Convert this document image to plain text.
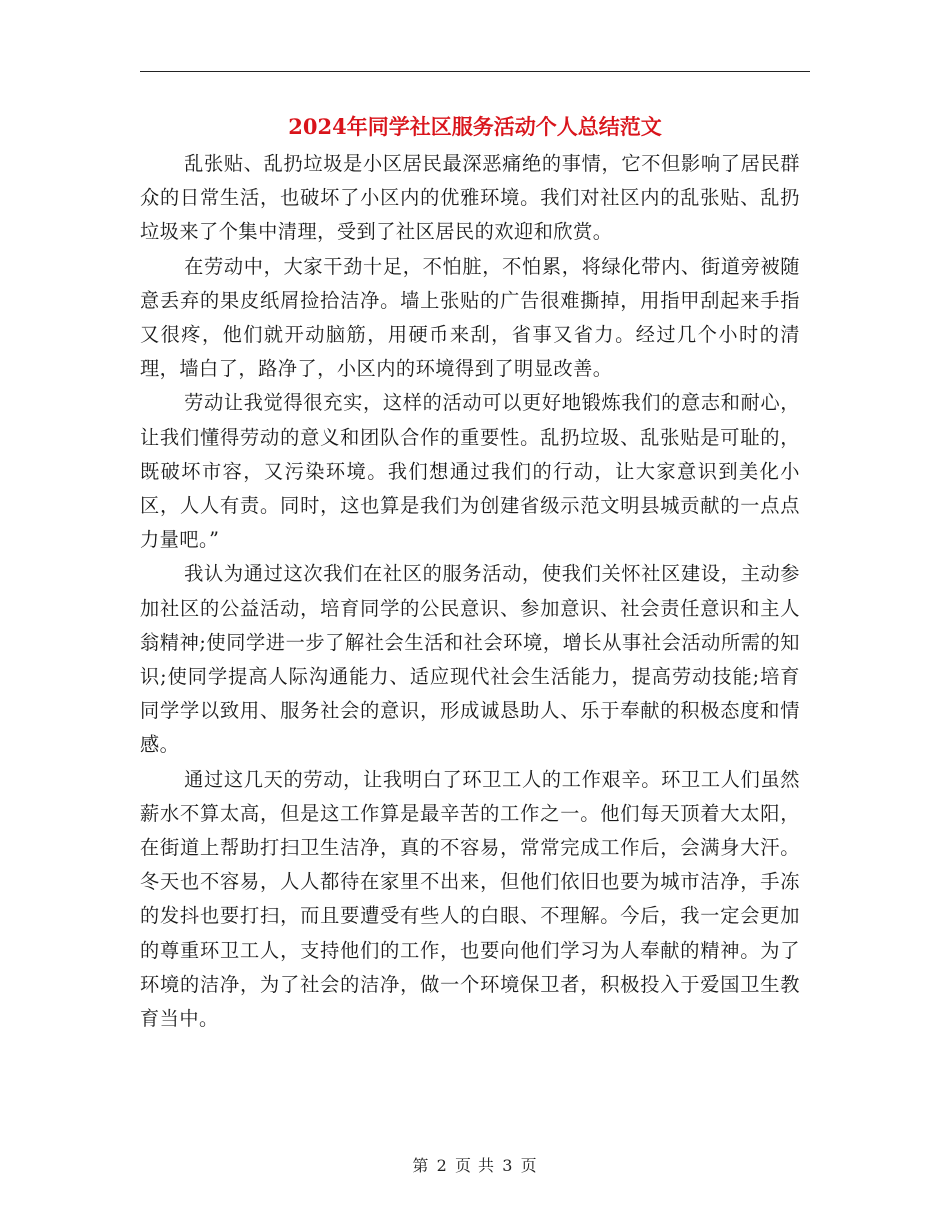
2024年同学社区服务活动个人总结范文

乱张贴、乱扔垃圾是小区居民最深恶痛绝的事情，它不但影响了居民群众的日常生活，也破坏了小区内的优雅环境。我们对社区内的乱张贴、乱扔垃圾来了个集中清理，受到了社区居民的欢迎和欣赏。

在劳动中，大家干劲十足，不怕脏，不怕累，将绿化带内、街道旁被随意丢弃的果皮纸屑捡拾洁净。墙上张贴的广告很难撕掉，用指甲刮起来手指又很疼，他们就开动脑筋，用硬币来刮，省事又省力。经过几个小时的清理，墙白了，路净了，小区内的环境得到了明显改善。

劳动让我觉得很充实，这样的活动可以更好地锻炼我们的意志和耐心，让我们懂得劳动的意义和团队合作的重要性。乱扔垃圾、乱张贴是可耻的，既破坏市容，又污染环境。我们想通过我们的行动，让大家意识到美化小区，人人有责。同时，这也算是我们为创建省级示范文明县城贡献的一点点力量吧。”

我认为通过这次我们在社区的服务活动，使我们关怀社区建设，主动参加社区的公益活动，培育同学的公民意识、参加意识、社会责任意识和主人翁精神;使同学进一步了解社会生活和社会环境，增长从事社会活动所需的知识;使同学提高人际沟通能力、适应现代社会生活能力，提高劳动技能;培育同学学以致用、服务社会的意识，形成诚恳助人、乐于奉献的积极态度和情感。

通过这几天的劳动，让我明白了环卫工人的工作艰辛。环卫工人们虽然薪水不算太高，但是这工作算是最辛苦的工作之一。他们每天顶着大太阳，在街道上帮助打扫卫生洁净，真的不容易，常常完成工作后，会满身大汗。冬天也不容易，人人都待在家里不出来，但他们依旧也要为城市洁净，手冻的发抖也要打扫，而且要遭受有些人的白眼、不理解。今后，我一定会更加的尊重环卫工人，支持他们的工作，也要向他们学习为人奉献的精神。为了环境的洁净，为了社会的洁净，做一个环境保卫者，积极投入于爱国卫生教育当中。

第 2 页 共 3 页
